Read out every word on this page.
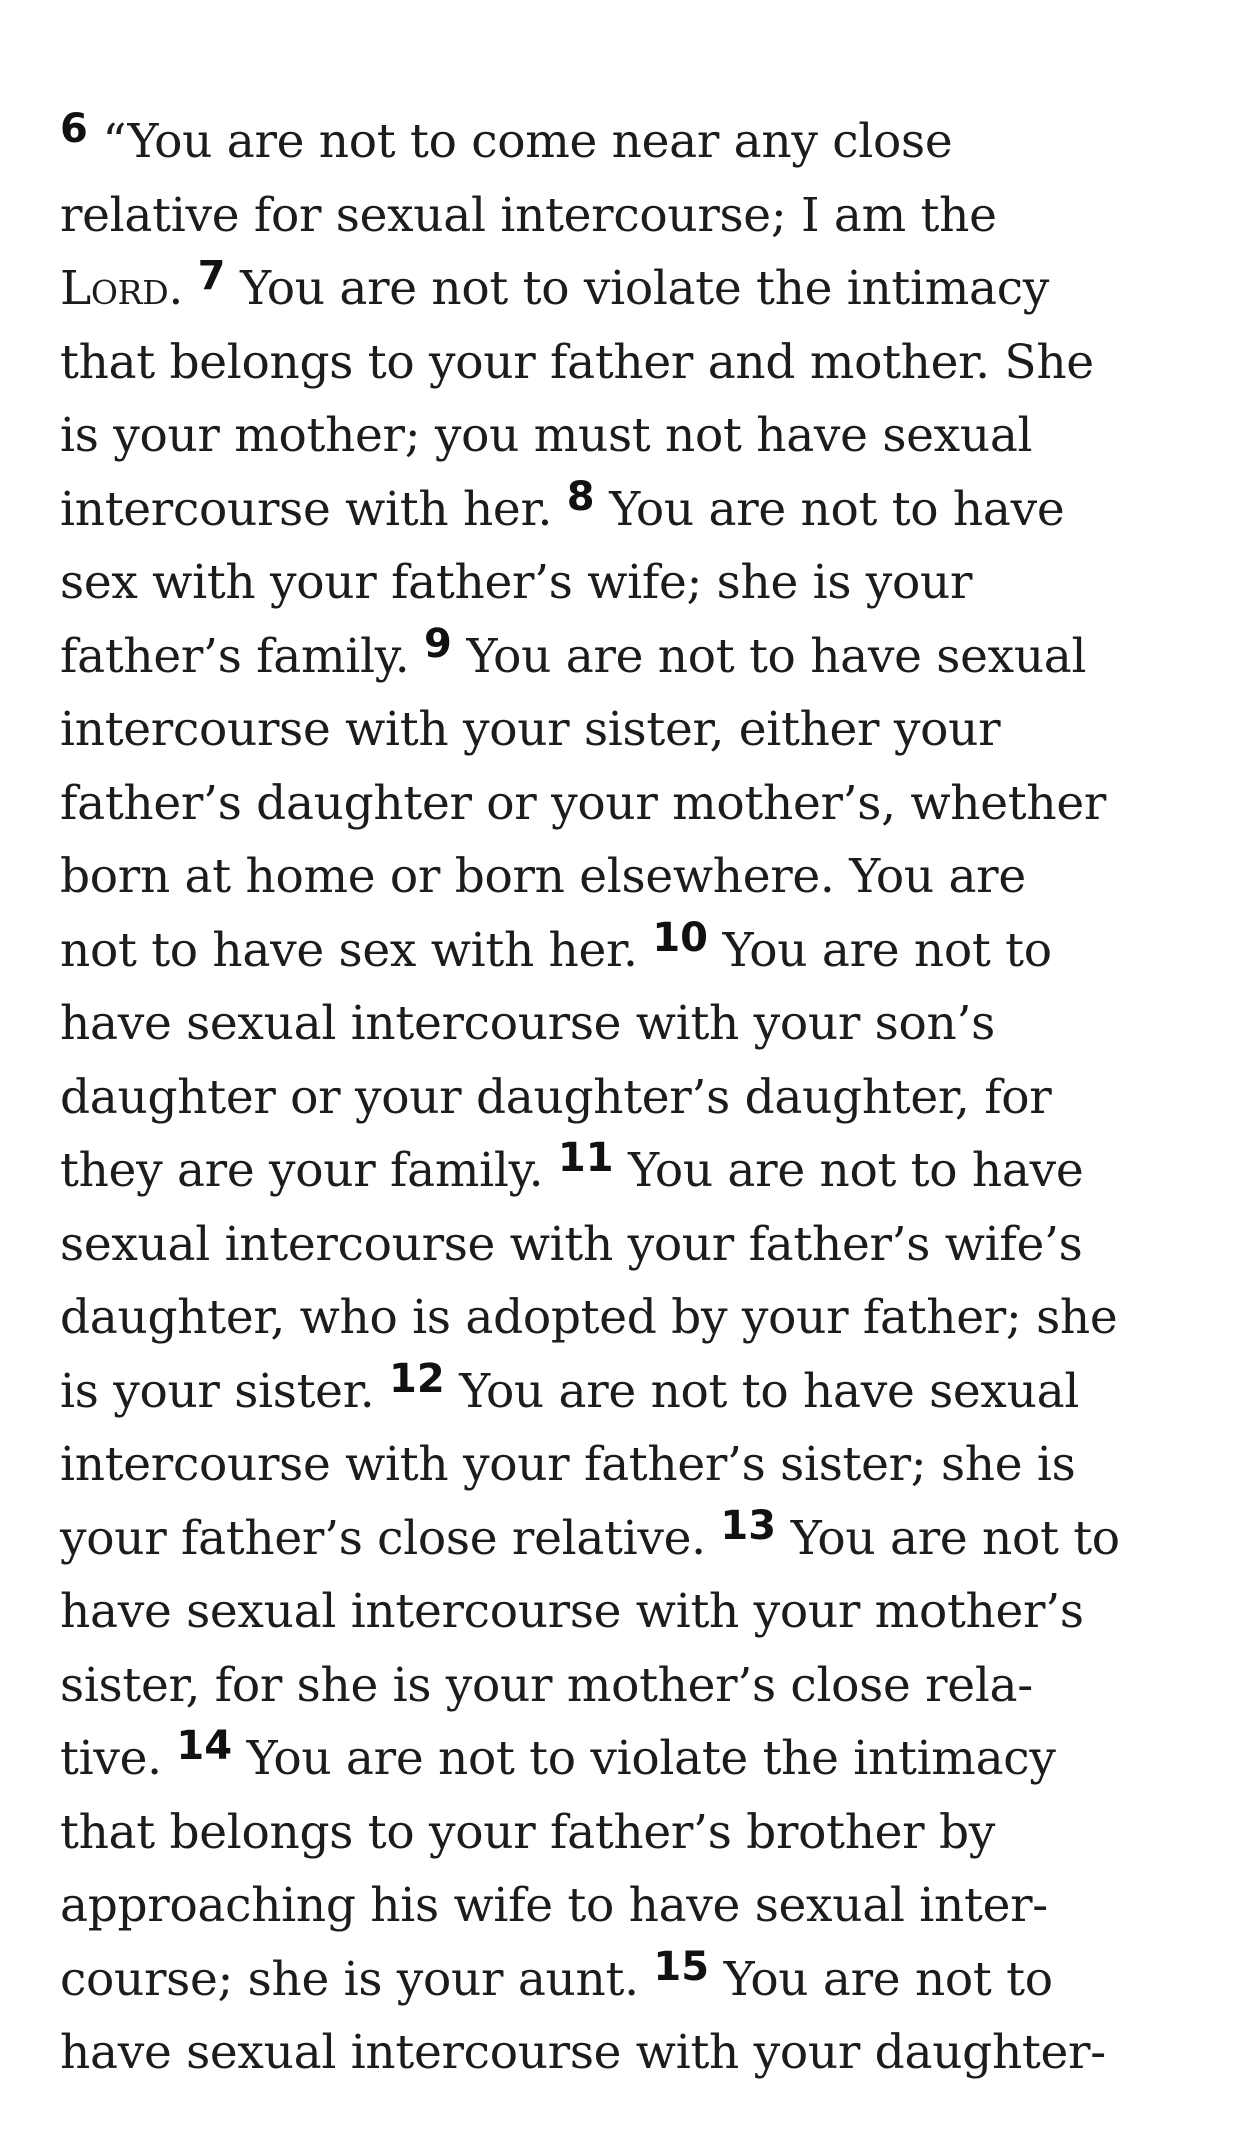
6 “You are not to come near any close
relative for sexual intercourse; I am the
Lord. 7 You are not to violate the intimacy
that belongs to your father and mother. She
is your mother; you must not have sexual
intercourse with her. 8 You are not to have
sex with your father’s wife; she is your
father’s family. 9 You are not to have sexual
intercourse with your sister, either your
father’s daughter or your mother’s, whether
born at home or born elsewhere. You are
not to have sex with her. 10 You are not to
have sexual intercourse with your son’s
daughter or your daughter’s daughter, for
they are your family. 11 You are not to have
sexual intercourse with your father’s wife’s
daughter, who is adopted by your father; she
is your sister. 12 You are not to have sexual
intercourse with your father’s sister; she is
your father’s close relative. 13 You are not to
have sexual intercourse with your mother’s
sister, for she is your mother’s close rela-
tive. 14 You are not to violate the intimacy
that belongs to your father’s brother by
approaching his wife to have sexual inter-
course; she is your aunt. 15 You are not to
have sexual intercourse with your daughter-
